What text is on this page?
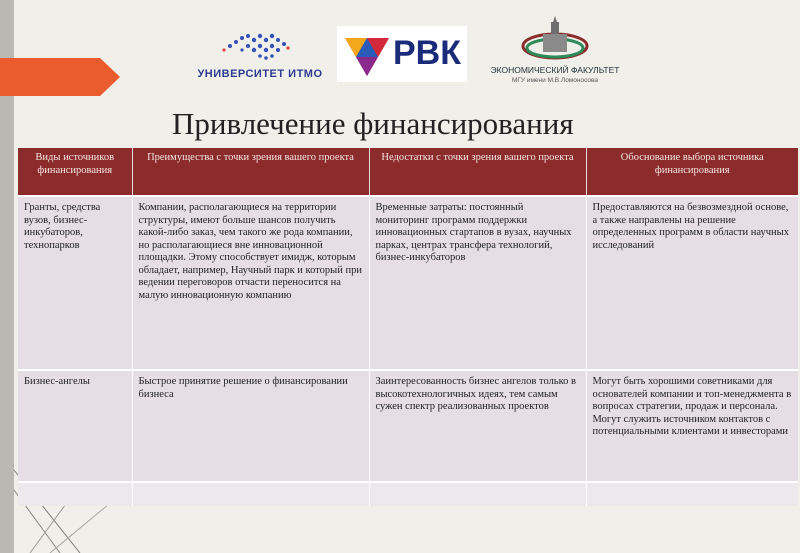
УНИВЕРСИТЕТ ИТМО
РВК	ЭКОНОМИЧЕСКИЙ ФАКУЛЬТЕТ
МГУ имени М.В.Ломоносова
Привлечение финансирования
Виды источников финансирования	Преимущества с точки зрения вашего проекта	Недостатки с точки зрения вашего проекта	Обоснование выбора источника финансирования
Гранты, средства вузов, бизнес-инкубаторов, технопарков	Компании, располагающиеся на территории структуры, имеют больше шансов получить какой-либо заказ, чем такого же рода компании, но располагающиеся вне инновационной площадки. Этому способствует имидж, которым обладает, например, Научный парк и который при ведении переговоров отчасти переносится на малую инновационную компанию	Временные затраты: постоянный мониторинг программ поддержки инновационных стартапов в вузах, научных парках, центрах трансфера технологий, бизнес-инкубаторов	Предоставляются на безвозмездной основе, а также направлены на решение определенных программ в области научных исследований
Бизнес-ангелы	Быстрое принятие решение о финансировании бизнеса	Заинтересованность бизнес ангелов только в высокотехнологичных идеях, тем самым сужен спектр реализованных проектов	Могут быть хорошими советниками для основателей компании и топ-менеджмента в вопросах стратегии, продаж и персонала. Могут служить источником контактов с потенциальными клиентами и инвесторами
